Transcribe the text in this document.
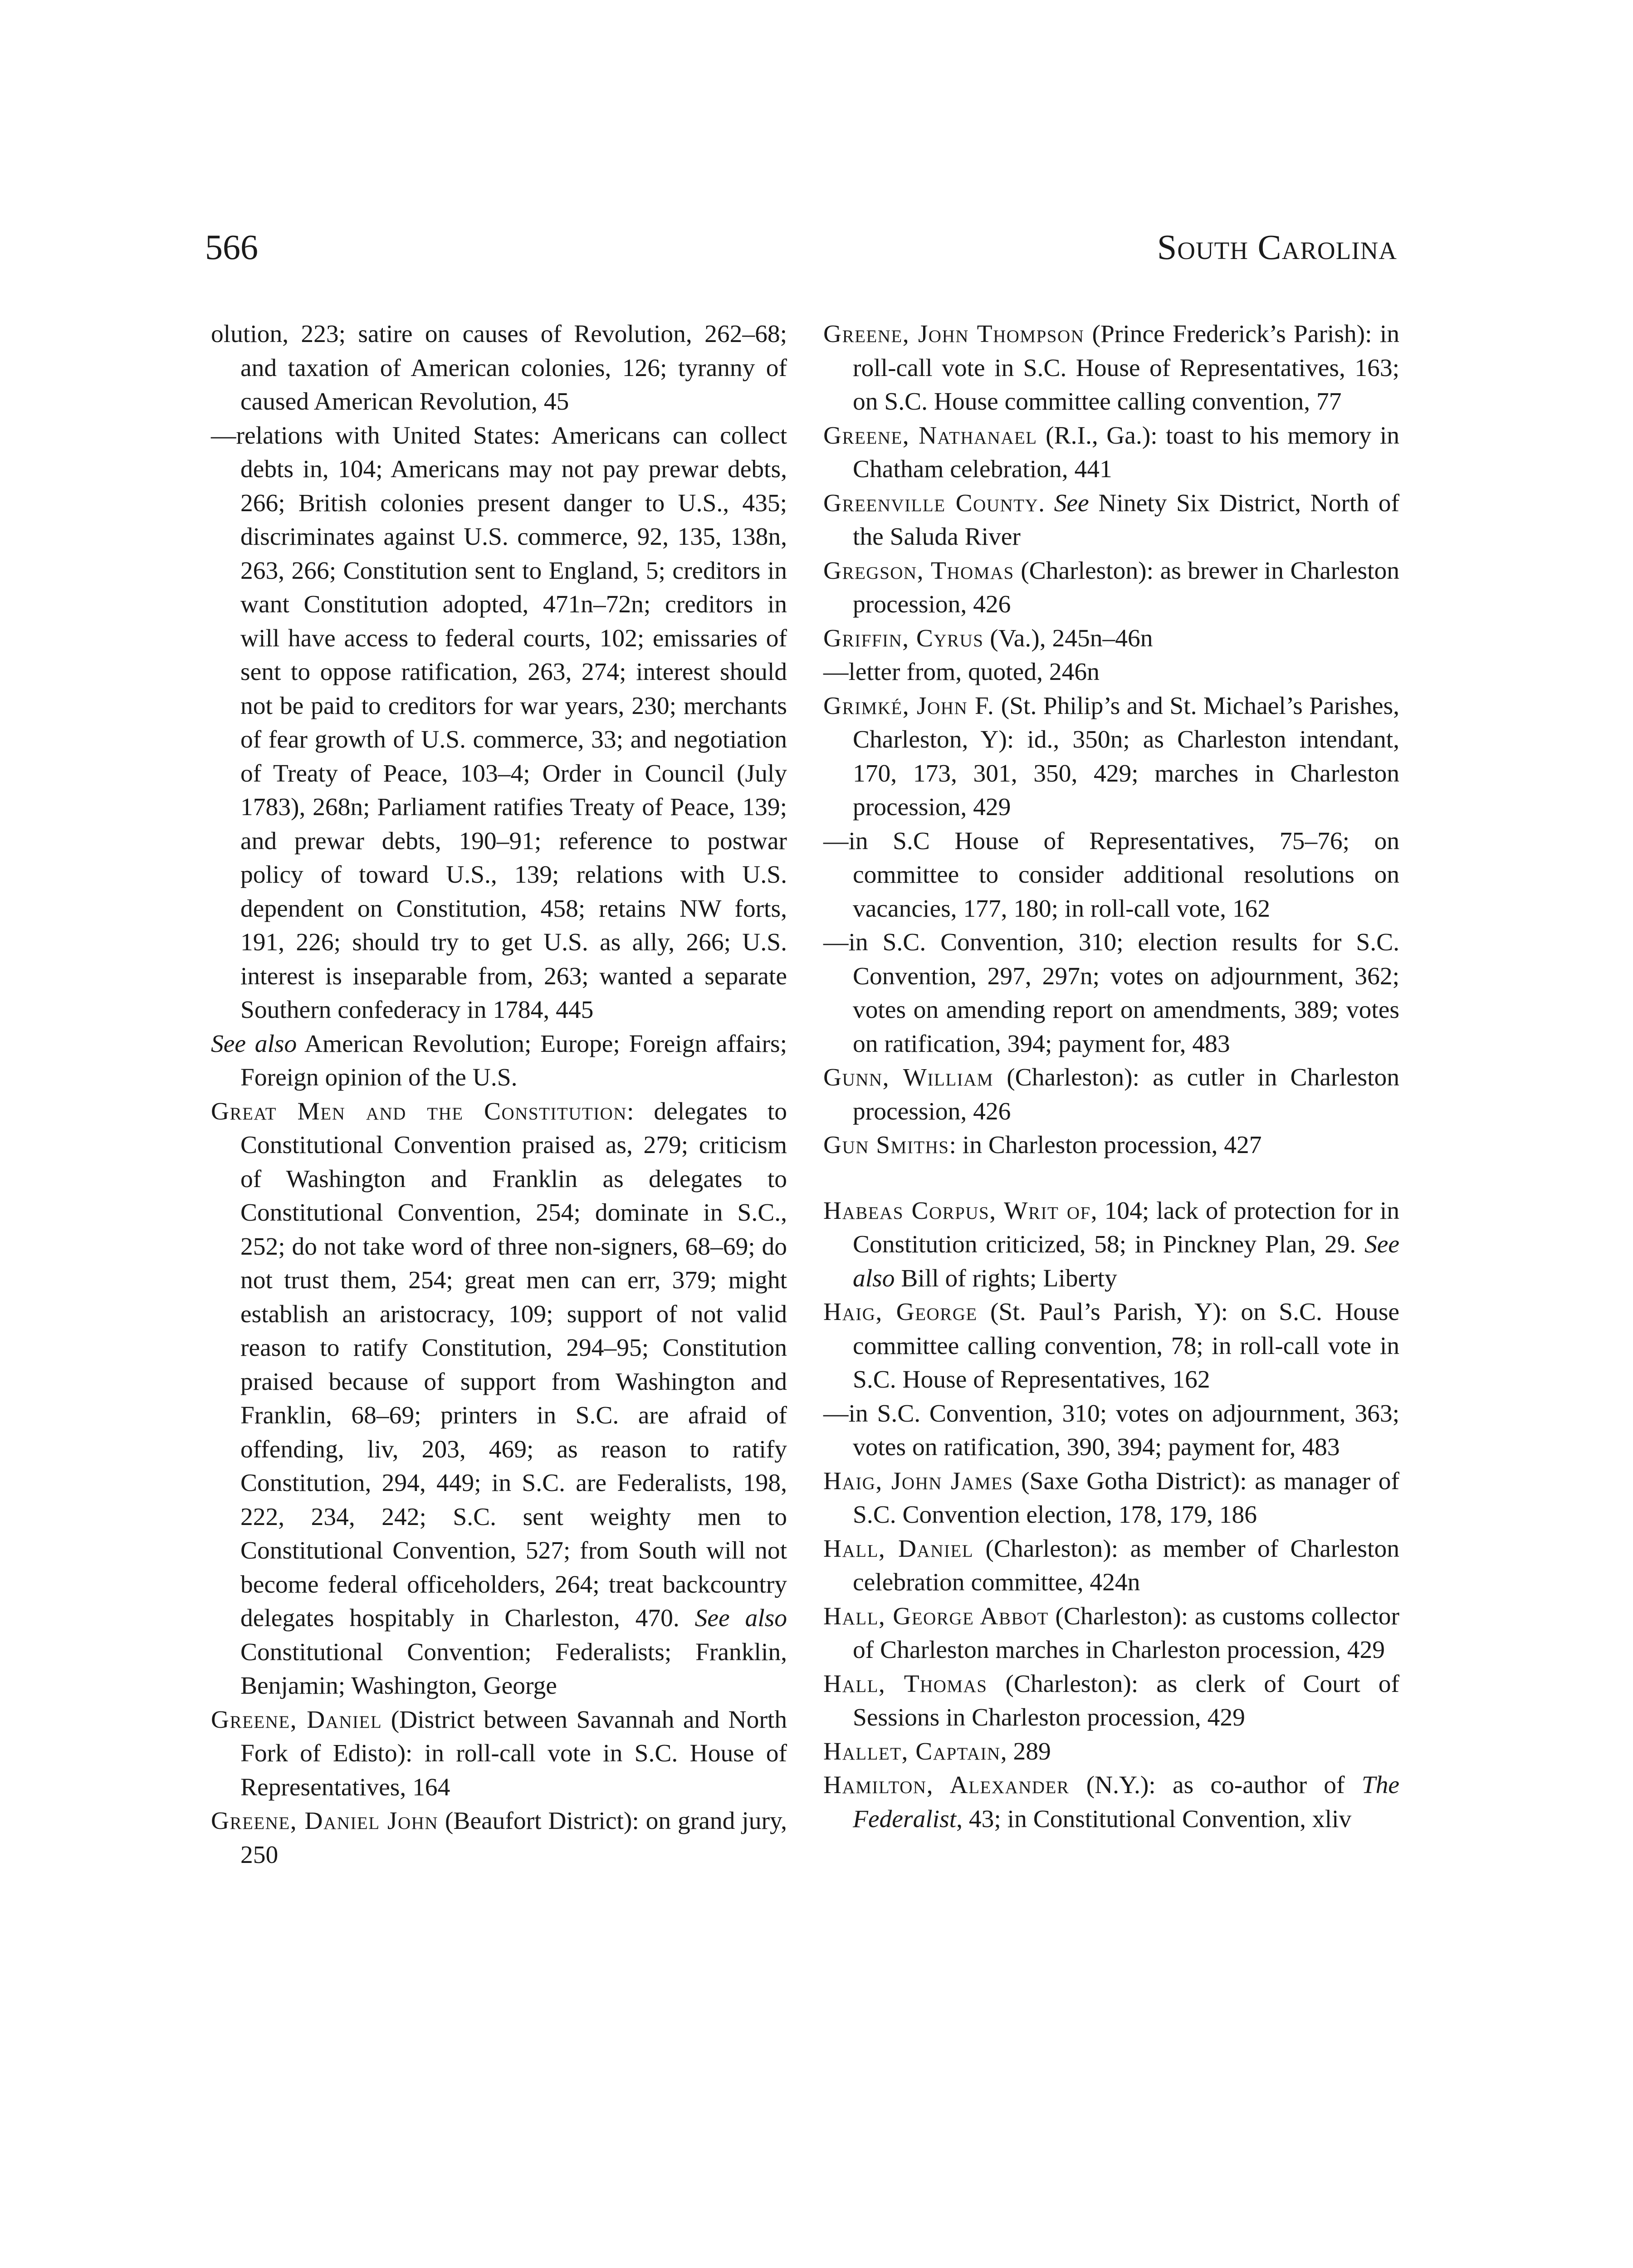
566	South Carolina

olution, 223; satire on causes of Revolution, 262–68; and taxation of American colonies, 126; tyranny of caused American Revolution, 45

—relations with United States: Americans can collect debts in, 104; Americans may not pay prewar debts, 266; British colonies present danger to U.S., 435; discriminates against U.S. commerce, 92, 135, 138n, 263, 266; Constitution sent to England, 5; creditors in want Constitution adopted, 471n–72n; creditors in will have access to federal courts, 102; emissaries of sent to oppose ratification, 263, 274; interest should not be paid to creditors for war years, 230; merchants of fear growth of U.S. commerce, 33; and negotiation of Treaty of Peace, 103–4; Order in Council (July 1783), 268n; Parliament ratifies Treaty of Peace, 139; and prewar debts, 190–91; reference to postwar policy of toward U.S., 139; relations with U.S. dependent on Constitution, 458; retains NW forts, 191, 226; should try to get U.S. as ally, 266; U.S. interest is inseparable from, 263; wanted a separate Southern confederacy in 1784, 445

See also American Revolution; Europe; Foreign affairs; Foreign opinion of the U.S.

Great Men and the Constitution: delegates to Constitutional Convention praised as, 279; criticism of Washington and Franklin as delegates to Constitutional Convention, 254; dominate in S.C., 252; do not take word of three non-signers, 68–69; do not trust them, 254; great men can err, 379; might establish an aristocracy, 109; support of not valid reason to ratify Constitution, 294–95; Constitution praised because of support from Washington and Franklin, 68–69; printers in S.C. are afraid of offending, liv, 203, 469; as reason to ratify Constitution, 294, 449; in S.C. are Federalists, 198, 222, 234, 242; S.C. sent weighty men to Constitutional Convention, 527; from South will not become federal officeholders, 264; treat backcountry delegates hospitably in Charleston, 470. See also Constitutional Convention; Federalists; Franklin, Benjamin; Washington, George

Greene, Daniel (District between Savannah and North Fork of Edisto): in roll-call vote in S.C. House of Representatives, 164

Greene, Daniel John (Beaufort District): on grand jury, 250

Greene, John Thompson (Prince Frederick’s Parish): in roll-call vote in S.C. House of Representatives, 163; on S.C. House committee calling convention, 77

Greene, Nathanael (R.I., Ga.): toast to his memory in Chatham celebration, 441

Greenville County. See Ninety Six District, North of the Saluda River

Gregson, Thomas (Charleston): as brewer in Charleston procession, 426

Griffin, Cyrus (Va.), 245n–46n

—letter from, quoted, 246n

Grimké, John F. (St. Philip’s and St. Michael’s Parishes, Charleston, Y): id., 350n; as Charleston intendant, 170, 173, 301, 350, 429; marches in Charleston procession, 429

—in S.C House of Representatives, 75–76; on committee to consider additional resolutions on vacancies, 177, 180; in roll-call vote, 162

—in S.C. Convention, 310; election results for S.C. Convention, 297, 297n; votes on adjournment, 362; votes on amending report on amendments, 389; votes on ratification, 394; payment for, 483

Gunn, William (Charleston): as cutler in Charleston procession, 426

Gun Smiths: in Charleston procession, 427

Habeas Corpus, Writ of, 104; lack of protection for in Constitution criticized, 58; in Pinckney Plan, 29. See also Bill of rights; Liberty

Haig, George (St. Paul’s Parish, Y): on S.C. House committee calling convention, 78; in roll-call vote in S.C. House of Representatives, 162

—in S.C. Convention, 310; votes on adjournment, 363; votes on ratification, 390, 394; payment for, 483

Haig, John James (Saxe Gotha District): as manager of S.C. Convention election, 178, 179, 186

Hall, Daniel (Charleston): as member of Charleston celebration committee, 424n

Hall, George Abbot (Charleston): as customs collector of Charleston marches in Charleston procession, 429

Hall, Thomas (Charleston): as clerk of Court of Sessions in Charleston procession, 429

Hallet, Captain, 289

Hamilton, Alexander (N.Y.): as co-author of The Federalist, 43; in Constitutional Convention, xliv
